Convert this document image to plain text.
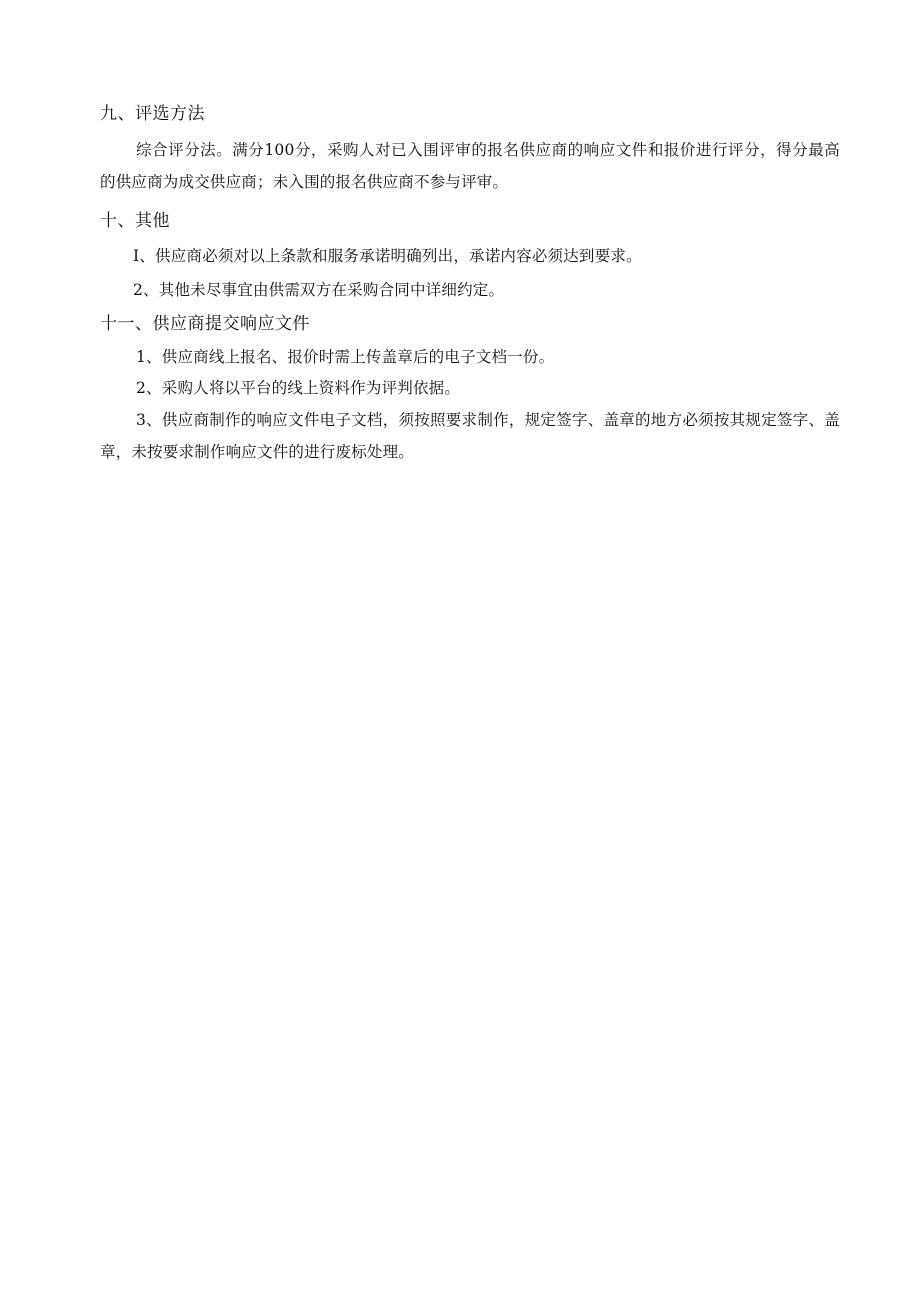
九、评选方法
综合评分法。满分100分，采购人对已入围评审的报名供应商的响应文件和报价进行评分，得分最高的供应商为成交供应商；未入围的报名供应商不参与评审。
十、其他
I、供应商必须对以上条款和服务承诺明确列出，承诺内容必须达到要求。
2、其他未尽事宜由供需双方在采购合同中详细约定。
十一、供应商提交响应文件
1、供应商线上报名、报价时需上传盖章后的电子文档一份。
2、采购人将以平台的线上资料作为评判依据。
3、供应商制作的响应文件电子文档，须按照要求制作，规定签字、盖章的地方必须按其规定签字、盖章，未按要求制作响应文件的进行废标处理。
